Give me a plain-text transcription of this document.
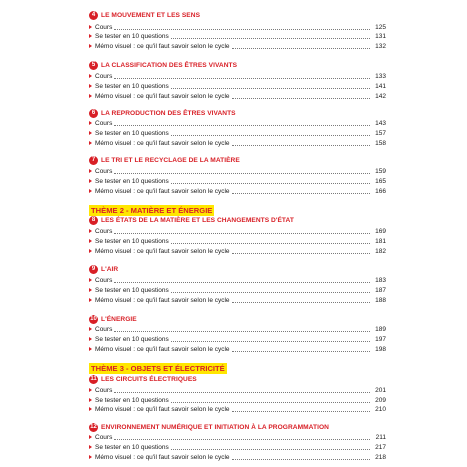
4 LE MOUVEMENT ET LES SENS
Cours	125
Se tester en 10 questions	131
Mémo visuel : ce qu'il faut savoir selon le cycle	132
5 LA CLASSIFICATION DES ÊTRES VIVANTS
Cours	133
Se tester en 10 questions	141
Mémo visuel : ce qu'il faut savoir selon le cycle	142
6 LA REPRODUCTION DES ÊTRES VIVANTS
Cours	143
Se tester en 10 questions	157
Mémo visuel : ce qu'il faut savoir selon le cycle	158
7 LE TRI ET LE RECYCLAGE DE LA MATIÈRE
Cours	159
Se tester en 10 questions	165
Mémo visuel : ce qu'il faut savoir selon le cycle	166
THÈME 2 - MATIÈRE ET ÉNERGIE
8 LES ÉTATS DE LA MATIÈRE ET LES CHANGEMENTS D'ÉTAT
Cours	169
Se tester en 10 questions	181
Mémo visuel : ce qu'il faut savoir selon le cycle	182
9 L'AIR
Cours	183
Se tester en 10 questions	187
Mémo visuel : ce qu'il faut savoir selon le cycle	188
10 L'ÉNERGIE
Cours	189
Se tester en 10 questions	197
Mémo visuel : ce qu'il faut savoir selon le cycle	198
THÈME 3 - OBJETS ET ÉLECTRICITÉ
11 LES CIRCUITS ÉLECTRIQUES
Cours	201
Se tester en 10 questions	209
Mémo visuel : ce qu'il faut savoir selon le cycle	210
12 ENVIRONNEMENT NUMÉRIQUE ET INITIATION À LA PROGRAMMATION
Cours	211
Se tester en 10 questions	217
Mémo visuel : ce qu'il faut savoir selon le cycle	218
